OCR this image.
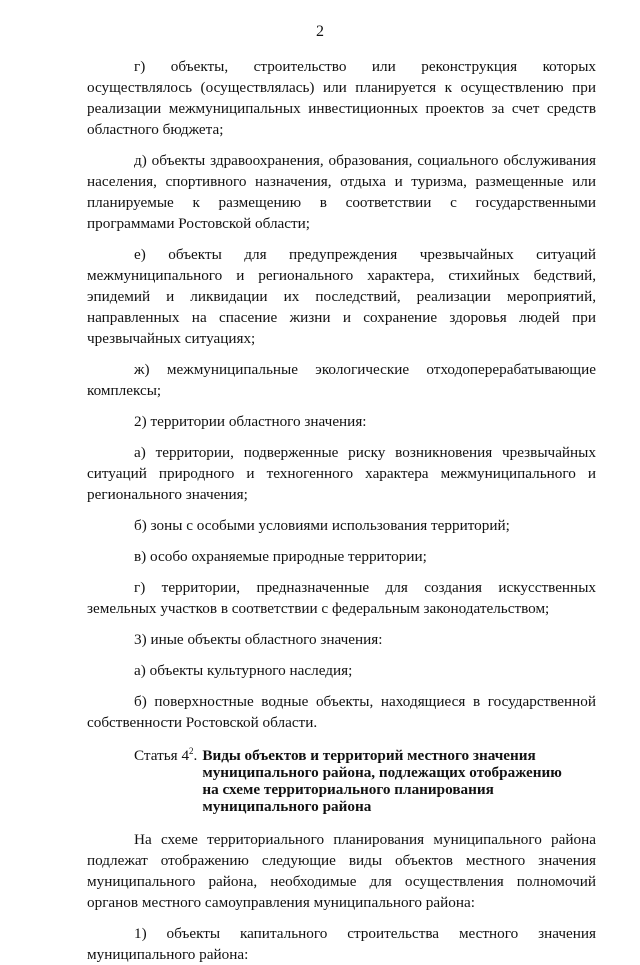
2

г) объекты, строительство или реконструкция которых осуществлялось (осуществлялась) или планируется к осуществлению при реализации межмуниципальных инвестиционных проектов за счет средств областного бюджета;

д) объекты здравоохранения, образования, социального обслуживания населения, спортивного назначения, отдыха и туризма, размещенные или планируемые к размещению в соответствии с государственными программами Ростовской области;

е) объекты для предупреждения чрезвычайных ситуаций межмуниципального и регионального характера, стихийных бедствий, эпидемий и ликвидации их последствий, реализации мероприятий, направленных на спасение жизни и сохранение здоровья людей при чрезвычайных ситуациях;

ж) межмуниципальные экологические отходоперерабатывающие комплексы;

2) территории областного значения:

а) территории, подверженные риску возникновения чрезвычайных ситуаций природного и техногенного характера межмуниципального и регионального значения;

б) зоны с особыми условиями использования территорий;

в) особо охраняемые природные территории;

г) территории, предназначенные для создания искусственных земельных участков в соответствии с федеральным законодательством;

3) иные объекты областного значения:

а) объекты культурного наследия;

б) поверхностные водные объекты, находящиеся в государственной собственности Ростовской области.

Статья $4^2$. Виды объектов и территорий местного значения
муниципального района, подлежащих отображению
на схеме территориального планирования
муниципального района

На схеме территориального планирования муниципального района подлежат отображению следующие виды объектов местного значения муниципального района, необходимые для осуществления полномочий органов местного самоуправления муниципального района:

1) объекты капитального строительства местного значения муниципального района:
